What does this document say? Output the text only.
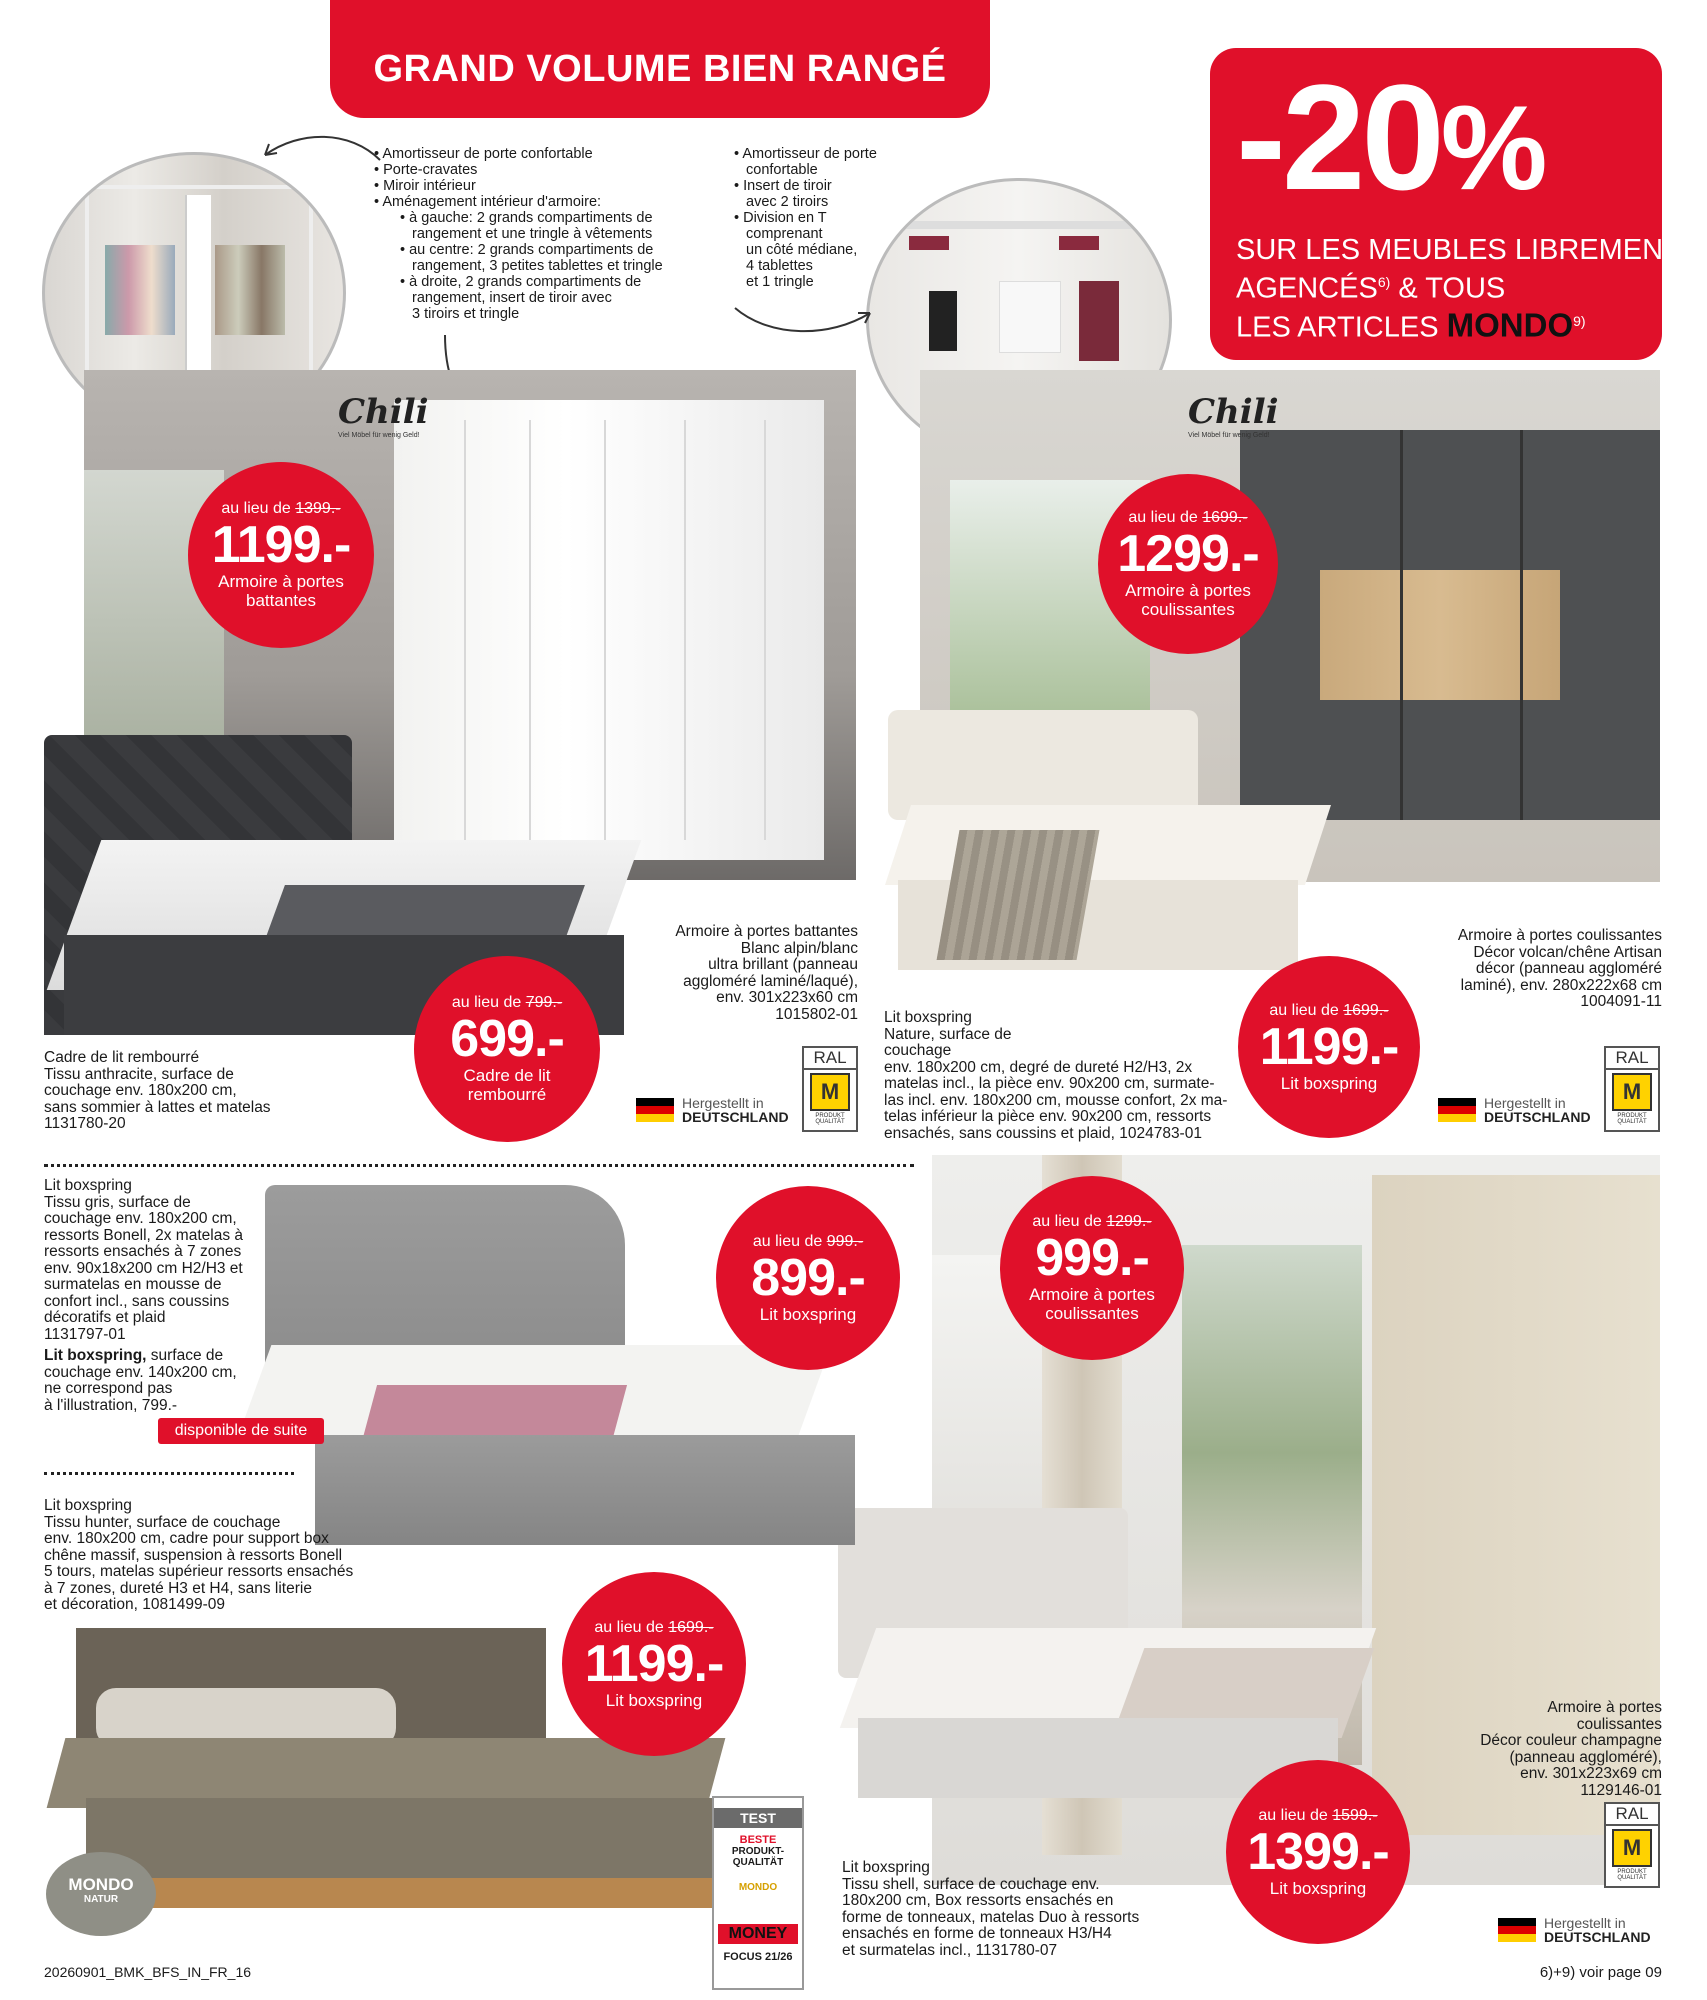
GRAND VOLUME BIEN RANGÉ -20%
SUR LES MEUBLES LIBREMENT
AGENCÉS$^{6)}$ & TOUS
LES ARTICLES MONDO$^{9)}$
• Amortisseur de porte confortable
• Porte-cravates
• Miroir intérieur
• Aménagement intérieur d'armoire:
• à gauche: 2 grands compartiments de
rangement et une tringle à vêtements
• au centre: 2 grands compartiments de
rangement, 3 petites tablettes et tringle
• à droite, 2 grands compartiments de
rangement, insert de tiroir avec
3 tiroirs et tringle
• Amortisseur de porte
confortable
• Insert de tiroir
avec 2 tiroirs
• Division en T
comprenant
un côté médiane,
4 tablettes
et 1 tringle
Chili
Viel Möbel für wenig Geld!
Chili
Viel Möbel für wenig Geld!
disponible de suite
MONDO
NATUR
TEST
BESTE
PRODUKT-
QUALITÄT
MONDO
MONEY
FOCUS 21/26
au lieu de 1399.-
1199.-
Armoire à portes
battantes
au lieu de 1699.-
1299.-
Armoire à portes
coulissantes
au lieu de 799.-
699.-
Cadre de lit
rembourré
au lieu de 1699.-
1199.-
Lit boxspring
au lieu de 999.-
899.-
Lit boxspring
au lieu de 1299.-
999.-
Armoire à portes
coulissantes
au lieu de 1699.-
1199.-
Lit boxspring
au lieu de 1599.-
1399.-
Lit boxspring
Armoire à portes battantes
Blanc alpin/blanc
ultra brillant (panneau
aggloméré laminé/laqué),
env. 301x223x60 cm
1015802-01
Armoire à portes coulissantes
Décor volcan/chêne Artisan
décor (panneau aggloméré
laminé), env. 280x222x68 cm
1004091-11
Cadre de lit rembourré
Tissu anthracite, surface de
couchage env. 180x200 cm,
sans sommier à lattes et matelas
1131780-20
Lit boxspring
Nature, surface de
couchage
env. 180x200 cm, degré de dureté H2/H3, 2x
matelas incl., la pièce env. 90x200 cm, surmate-
las incl. env. 180x200 cm, mousse confort, 2x ma-
telas inférieur la pièce env. 90x200 cm, ressorts
ensachés, sans coussins et plaid, 1024783-01
Lit boxspring
Tissu gris, surface de
couchage env. 180x200 cm,
ressorts Bonell, 2x matelas à
ressorts ensachés à 7 zones
env. 90x18x200 cm H2/H3 et
surmatelas en mousse de
confort incl., sans coussins
décoratifs et plaid
1131797-01
Lit boxspring, surface de
couchage env. 140x200 cm,
ne correspond pas
à l'illustration, 799.-
Lit boxspring
Tissu hunter, surface de couchage
env. 180x200 cm, cadre pour support box
chêne massif, suspension à ressorts Bonell
5 tours, matelas supérieur ressorts ensachés
à 7 zones, dureté H3 et H4, sans literie
et décoration, 1081499-09
Armoire à portes
coulissantes
Décor couleur champagne
(panneau aggloméré),
env. 301x223x69 cm
1129146-01
Lit boxspring
Tissu shell, surface de couchage env.
180x200 cm, Box ressorts ensachés en
forme de tonneaux, matelas Duo à ressorts
ensachés en forme de tonneaux H3/H4
et surmatelas incl., 1131780-07
Hergestellt in
DEUTSCHLAND
Hergestellt in
DEUTSCHLAND
Hergestellt in
DEUTSCHLAND
RAL
M
PRODUKT QUALITÄT
RAL
M
PRODUKT QUALITÄT
RAL
M
PRODUKT QUALITÄT
20260901_BMK_BFS_IN_FR_16	6)+9) voir page 09
